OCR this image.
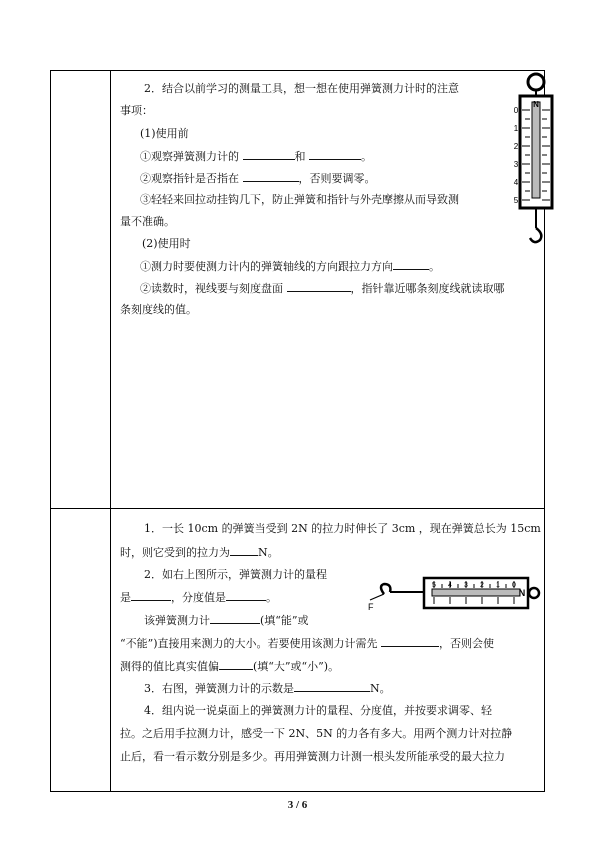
2．结合以前学习的测量工具，想一想在使用弹簧测力计时的注意
事项：
(1)使用前
①观察弹簧测力计的	和	。
②观察指针是否指在	，否则要调零。
③轻轻来回拉动挂钩几下，防止弹簧和指针与外壳摩擦从而导致测
量不准确。
(2)使用时
①测力时要使测力计内的弹簧轴线的方向跟拉力方向	。
②读数时，视线要与刻度盘面	，指针靠近哪条刻度线就读取哪
条刻度线的值。
N
0
1
2
3
4
5
1．一长 10cm 的弹簧当受到 2N 的拉力时伸长了 3cm ，现在弹簧总长为 15cm
时，则它受到的拉力为	N。
2．如右上图所示，弹簧测力计的量程
是	，分度值是	。
该弹簧测力计	(填“能”或
“不能”)直接用来测力的大小。若要使用该测力计需先	，否则会使
测得的值比真实值偏	(填“大”或“小”)。
3．右图，弹簧测力计的示数是	N。
4．组内说一说桌面上的弹簧测力计的量程、分度值，并按要求调零、轻
拉。之后用手拉测力计，感受一下 2N、5N 的力各有多大。用两个测力计对拉静
止后，看一看示数分别是多少。再用弹簧测力计测一根头发所能承受的最大拉力
F
5 4 3 2 1 0
N
3 / 6
